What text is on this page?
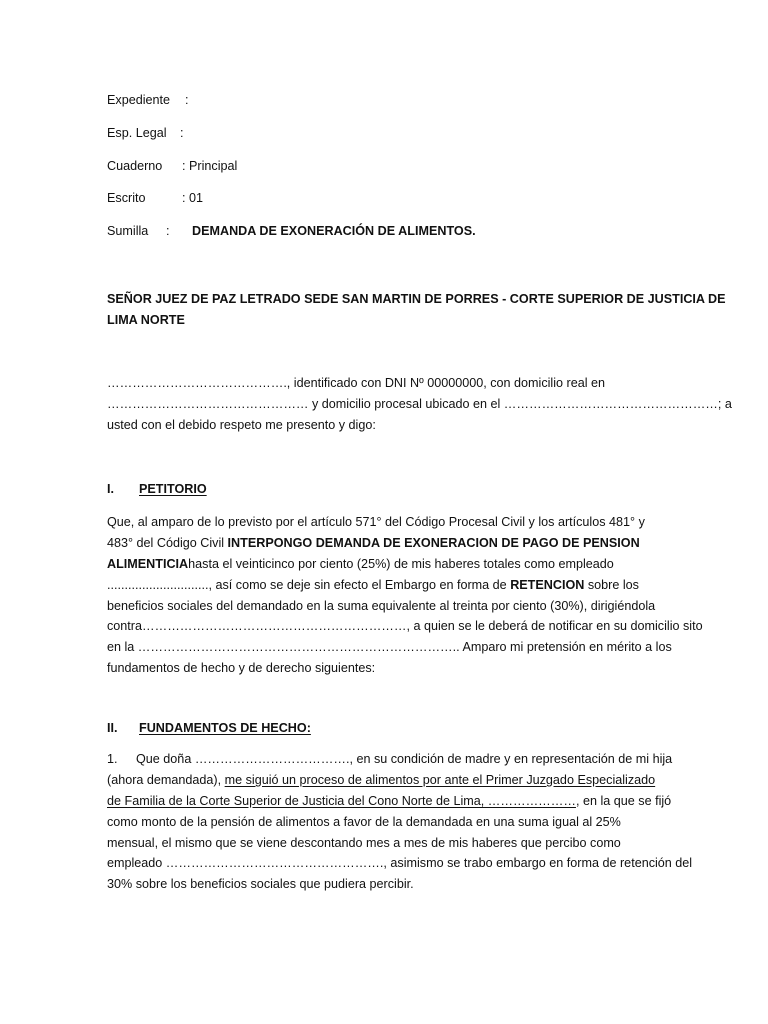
Expediente :
Esp. Legal :
Cuaderno : Principal
Escrito	: 01
Sumilla : DEMANDA DE EXONERACIÓN DE ALIMENTOS.
SEÑOR JUEZ DE PAZ LETRADO SEDE SAN MARTIN DE PORRES - CORTE SUPERIOR DE JUSTICIA DE
LIMA NORTE
……………………………………., identificado con DNI Nº 00000000, con domicilio real en
………………………………………… y domicilio procesal ubicado en el ……………………………………………; a
usted con el debido respeto me presento y digo:
I. PETITORIO
Que, al amparo de lo previsto por el artículo 571° del Código Procesal Civil y los artículos 481° y
483° del Código Civil INTERPONGO DEMANDA DE EXONERACION DE PAGO DE PENSION
ALIMENTICIAhasta el veinticinco por ciento (25%) de mis haberes totales como empleado
............................., así como se deje sin efecto el Embargo en forma de RETENCION sobre los
beneficios sociales del demandado en la suma equivalente al treinta por ciento (30%), dirigiéndola
contra………………………………………………………, a quien se le deberá de notificar en su domicilio sito
en la ………………………………………………………………….. Amparo mi pretensión en mérito a los
fundamentos de hecho y de derecho siguientes:
II. FUNDAMENTOS DE HECHO:
1. Que doña ………………………………., en su condición de madre y en representación de mi hija
(ahora demandada), me siguió un proceso de alimentos por ante el Primer Juzgado Especializado
de Familia de la Corte Superior de Justicia del Cono Norte de Lima, …………………, en la que se fijó
como monto de la pensión de alimentos a favor de la demandada en una suma igual al 25%
mensual, el mismo que se viene descontando mes a mes de mis haberes que percibo como
empleado ……………………………………………., asimismo se trabo embargo en forma de retención del
30% sobre los beneficios sociales que pudiera percibir.
